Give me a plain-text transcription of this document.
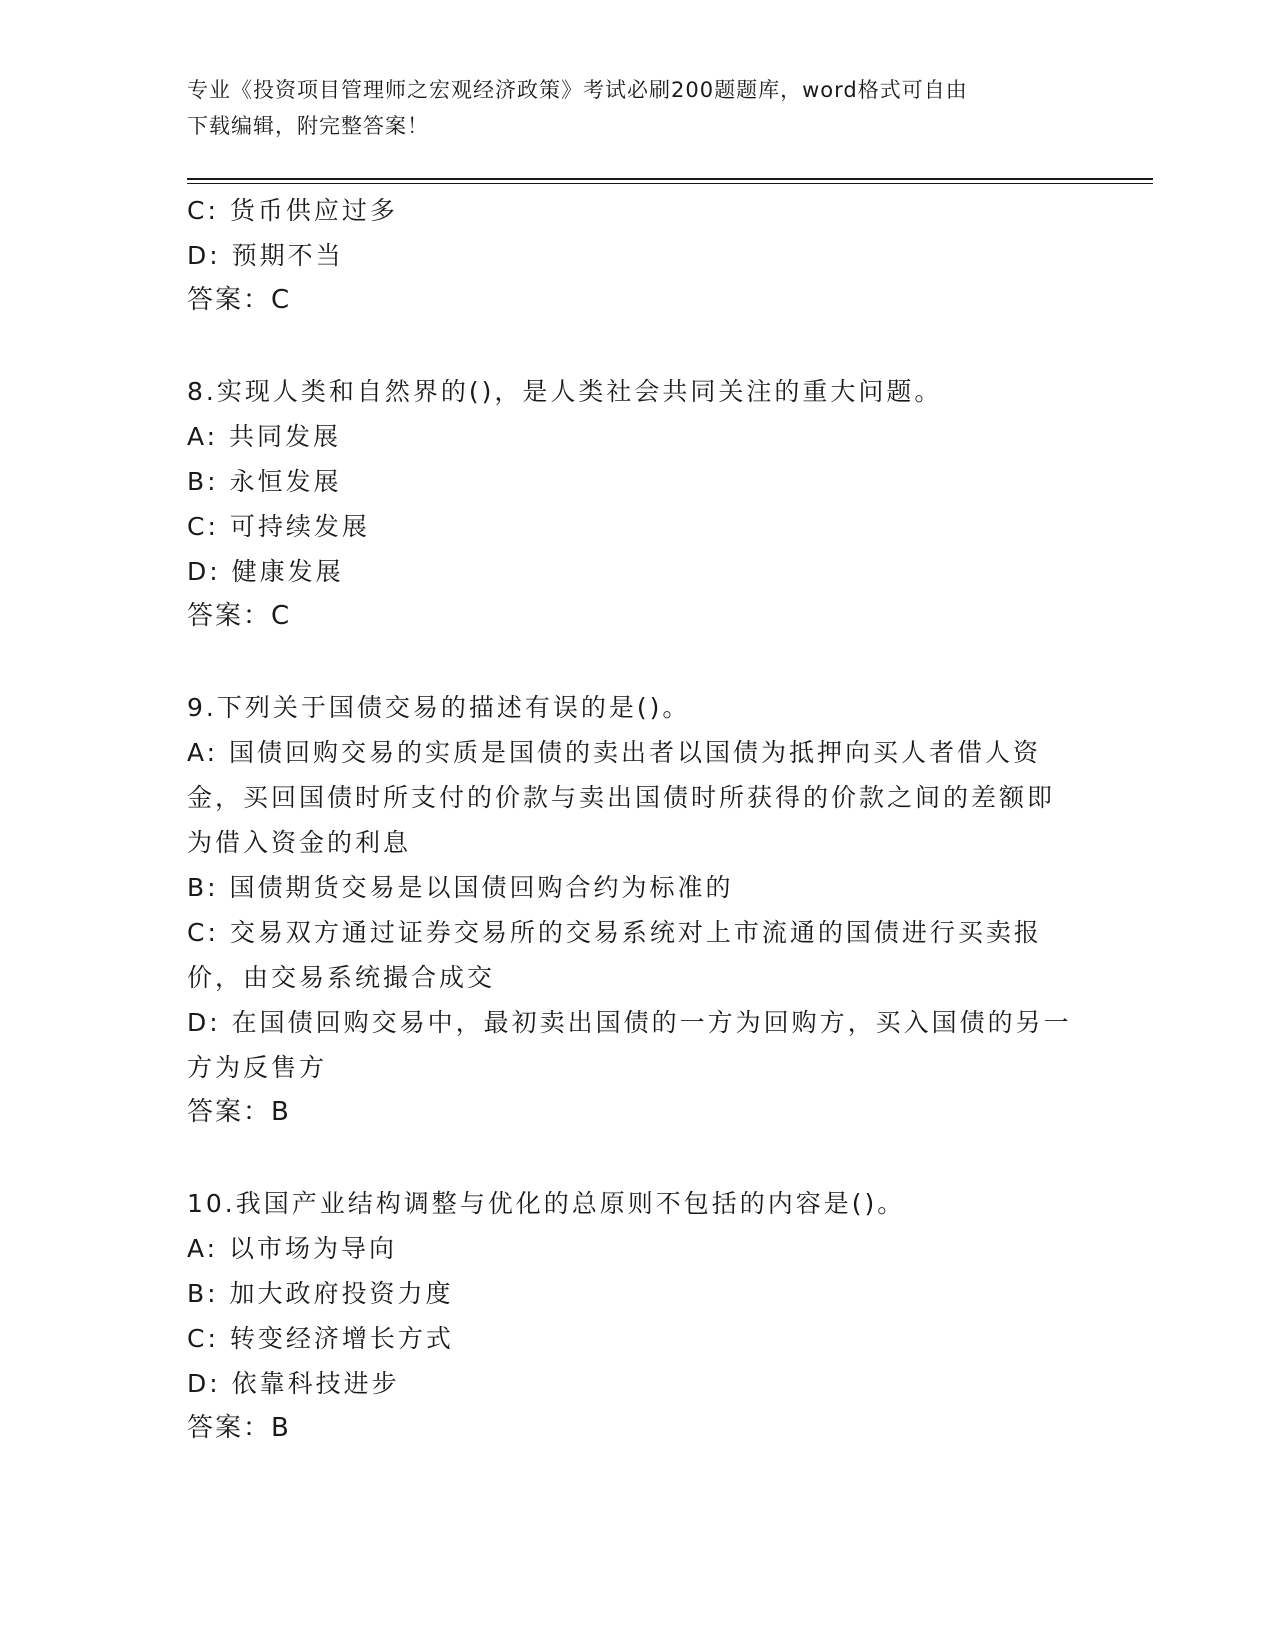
专业《投资项目管理师之宏观经济政策》考试必刷200题题库，word格式可自由
下载编辑，附完整答案！
C: 货币供应过多
D: 预期不当
答案：C
8.实现人类和自然界的()，是人类社会共同关注的重大问题。
A: 共同发展
B: 永恒发展
C: 可持续发展
D: 健康发展
答案：C
9.下列关于国债交易的描述有误的是()。
A: 国债回购交易的实质是国债的卖出者以国债为抵押向买人者借人资金，买回国债时所支付的价款与卖出国债时所获得的价款之间的差额即为借入资金的利息
B: 国债期货交易是以国债回购合约为标准的
C: 交易双方通过证券交易所的交易系统对上市流通的国债进行买卖报价，由交易系统撮合成交
D: 在国债回购交易中，最初卖出国债的一方为回购方，买入国债的另一方为反售方
答案：B
10.我国产业结构调整与优化的总原则不包括的内容是()。
A: 以市场为导向
B: 加大政府投资力度
C: 转变经济增长方式
D: 依靠科技进步
答案：B
